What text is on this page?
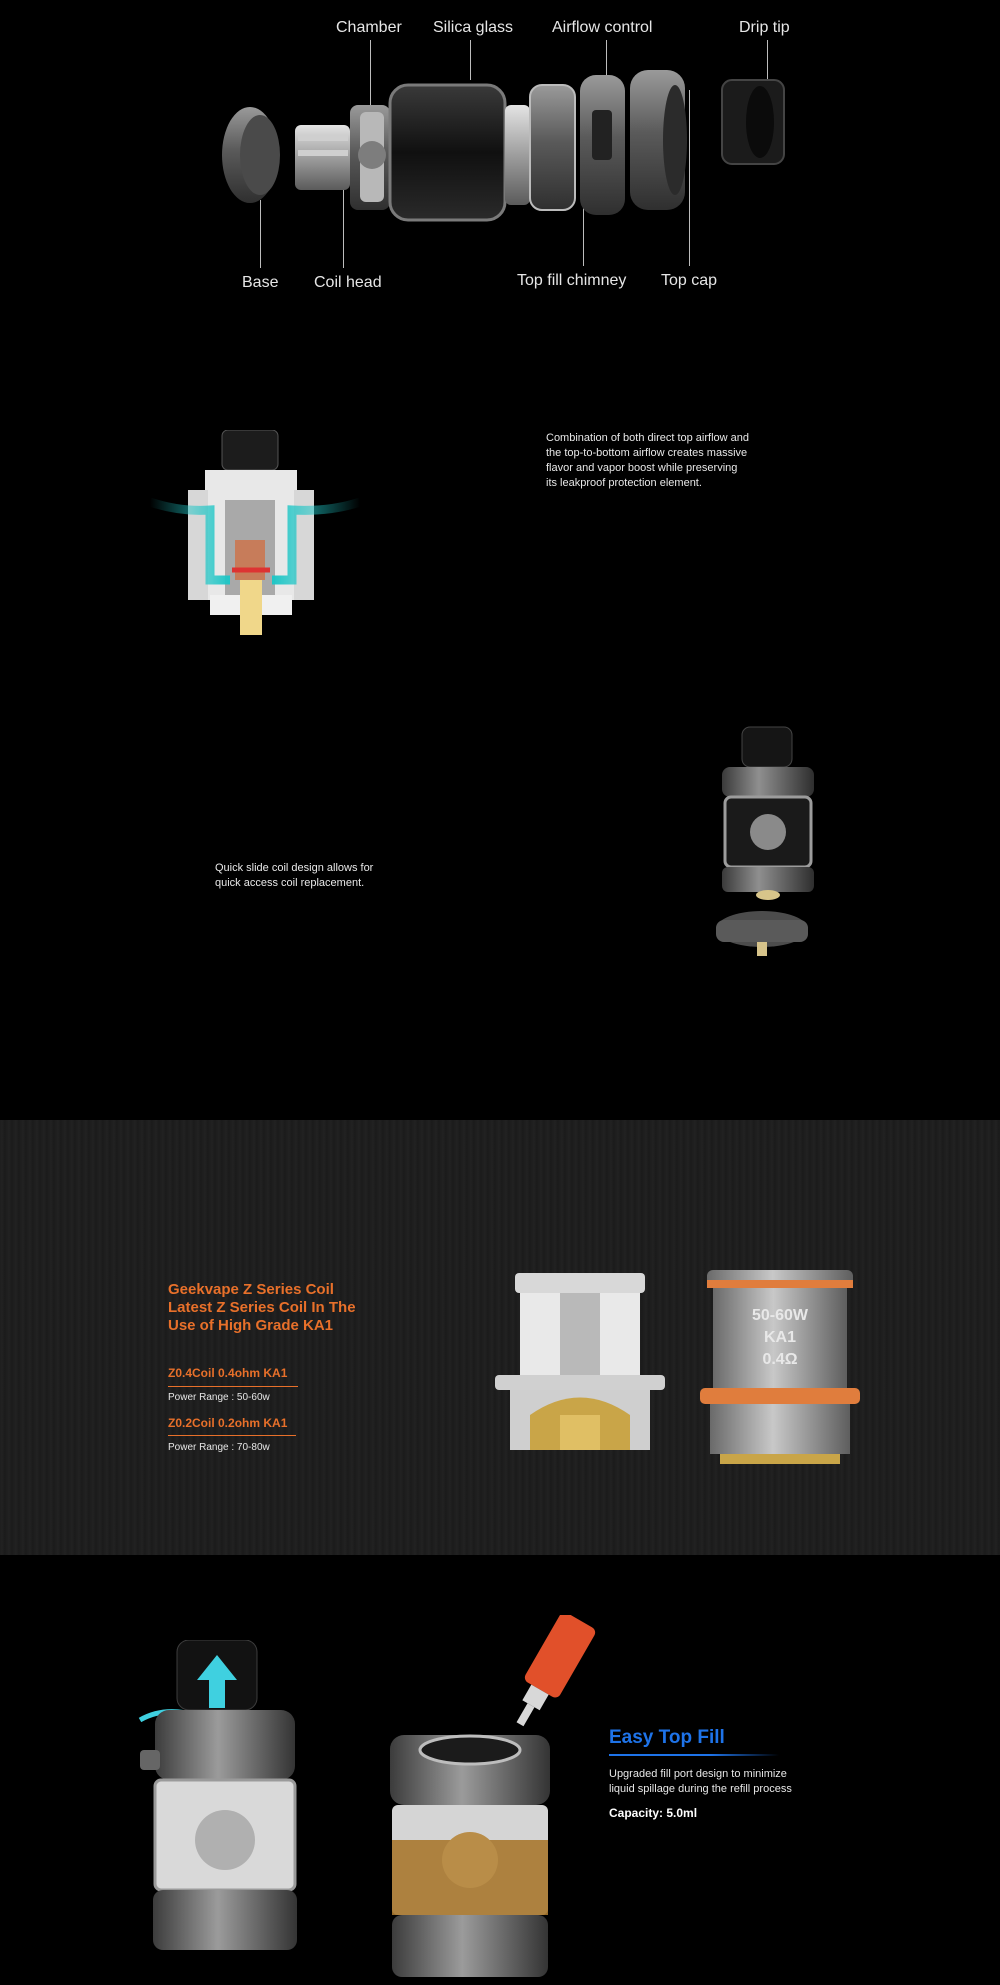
Chamber Silica glass Airflow control	Drip tip
Base Coil head	Top fill chimney Top cap
Combination of both direct top airflow and
the top-to-bottom airflow creates massive
flavor and vapor boost while preserving
its leakproof protection element.
Quick slide coil design allows for
quick access coil replacement.
Geekvape Z Series Coil
Latest Z Series Coil In The
Use of High Grade KA1
Z0.4Coil 0.4ohm KA1
Power Range : 50-60w
Z0.2Coil 0.2ohm KA1
Power Range : 70-80w
50-60W
KA1
0.4Ω
Easy Top Fill
Upgraded fill port design to minimize
liquid spillage during the refill process
Capacity: 5.0ml
